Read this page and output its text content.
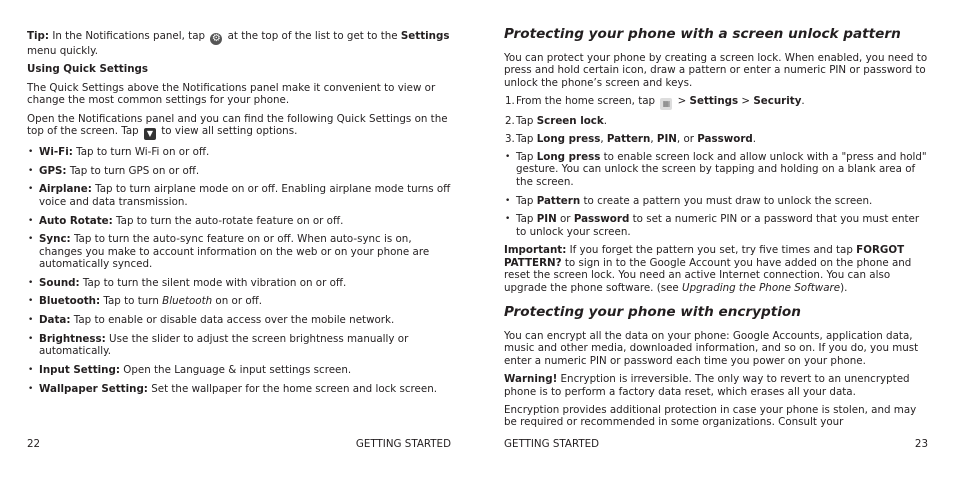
Tip: In the Notifications panel, tap ⚙ at the top of the list to get to the Settings menu quickly.

Using Quick Settings

The Quick Settings above the Notifications panel make it convenient to view or change the most common settings for your phone.

Open the Notifications panel and you can find the following Quick Settings on the top of the screen. Tap ▼ to view all setting options.

• Wi-Fi: Tap to turn Wi-Fi on or off.
• GPS: Tap to turn GPS on or off.
• Airplane: Tap to turn airplane mode on or off. Enabling airplane mode turns off voice and data transmission.
• Auto Rotate: Tap to turn the auto-rotate feature on or off.
• Sync: Tap to turn the auto-sync feature on or off. When auto-sync is on, changes you make to account information on the web or on your phone are automatically synced.
• Sound: Tap to turn the silent mode with vibration on or off.
• Bluetooth: Tap to turn Bluetooth on or off.
• Data: Tap to enable or disable data access over the mobile network.
• Brightness: Use the slider to adjust the screen brightness manually or automatically.
• Input Setting: Open the Language & input settings screen.
• Wallpaper Setting: Set the wallpaper for the home screen and lock screen.
22	GETTING STARTED
Protecting your phone with a screen unlock pattern

You can protect your phone by creating a screen lock. When enabled, you need to press and hold certain icon, draw a pattern or enter a numeric PIN or password to unlock the phone’s screen and keys.

1. From the home screen, tap ▦ > Settings > Security.
2. Tap Screen lock.
3. Tap Long press, Pattern, PIN, or Password.
• Tap Long press to enable screen lock and allow unlock with a "press and hold" gesture. You can unlock the screen by tapping and holding on a blank area of the screen.
• Tap Pattern to create a pattern you must draw to unlock the screen.
• Tap PIN or Password to set a numeric PIN or a password that you must enter to unlock your screen.

Important: If you forget the pattern you set, try five times and tap FORGOT PATTERN? to sign in to the Google Account you have added on the phone and reset the screen lock. You need an active Internet connection. You can also upgrade the phone software. (see Upgrading the Phone Software).

Protecting your phone with encryption

You can encrypt all the data on your phone: Google Accounts, application data, music and other media, downloaded information, and so on. If you do, you must enter a numeric PIN or password each time you power on your phone.

Warning! Encryption is irreversible. The only way to revert to an unencrypted phone is to perform a factory data reset, which erases all your data.

Encryption provides additional protection in case your phone is stolen, and may be required or recommended in some organizations. Consult your

GETTING STARTED	23
